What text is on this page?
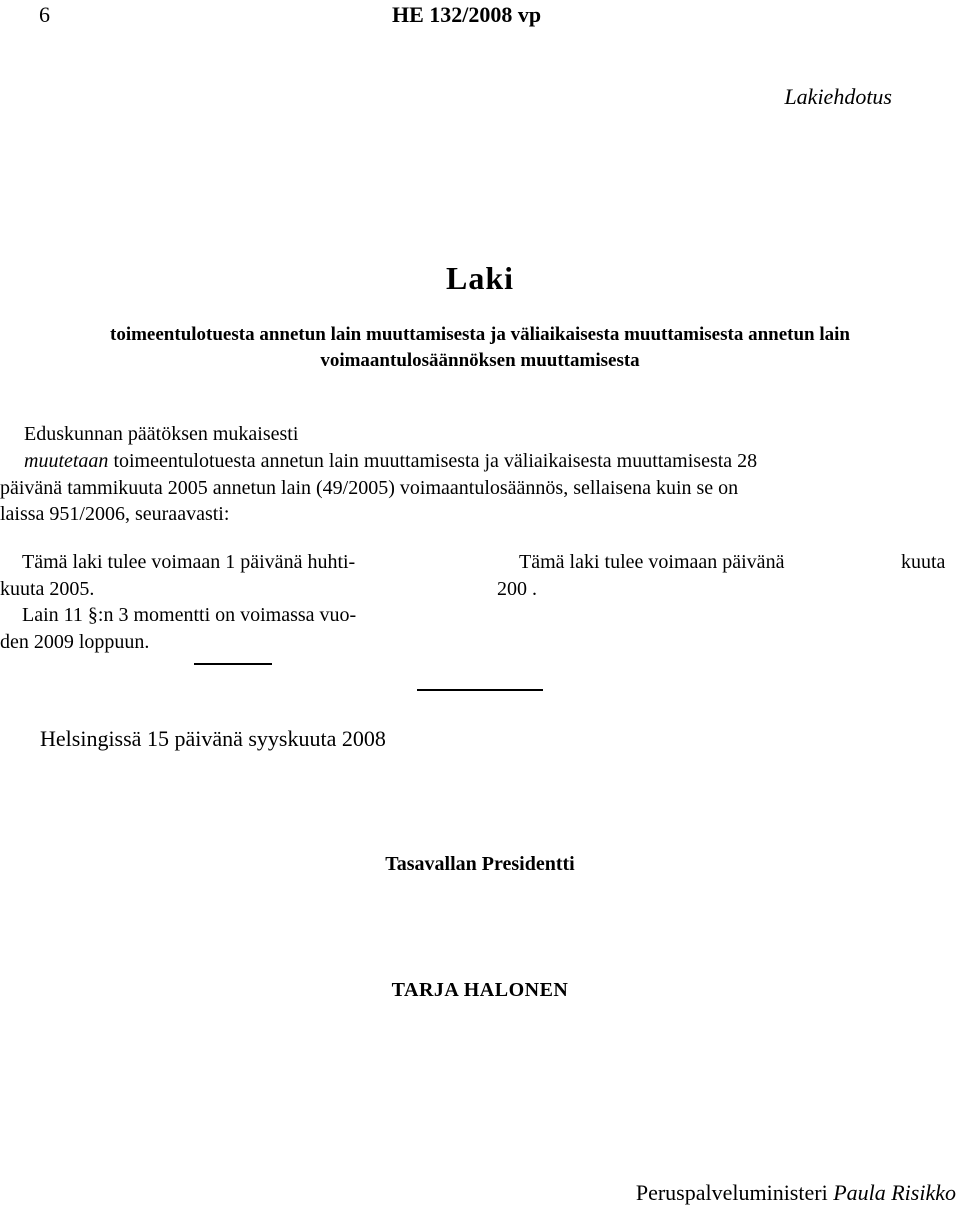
6	HE 132/2008 vp
Lakiehdotus
Laki
toimeentulotuesta annetun lain muuttamisesta ja väliaikaisesta muuttamisesta annetun lain
voimaantulosäännöksen muuttamisesta
Eduskunnan päätöksen mukaisesti
muutetaan toimeentulotuesta annetun lain muuttamisesta ja väliaikaisesta muuttamisesta 28
päivänä tammikuuta 2005 annetun lain (49/2005) voimaantulosäännös, sellaisena kuin se on
laissa 951/2006, seuraavasti:
Tämä laki tulee voimaan 1 päivänä huhti-
kuuta 2005.
Lain 11 §:n 3 momentti on voimassa vuo-
den 2009 loppuun.
Tämä laki tulee voimaan päivänä	kuuta
200 .
Helsingissä 15 päivänä syyskuuta 2008
Tasavallan Presidentti
TARJA HALONEN
Peruspalveluministeri Paula Risikko
